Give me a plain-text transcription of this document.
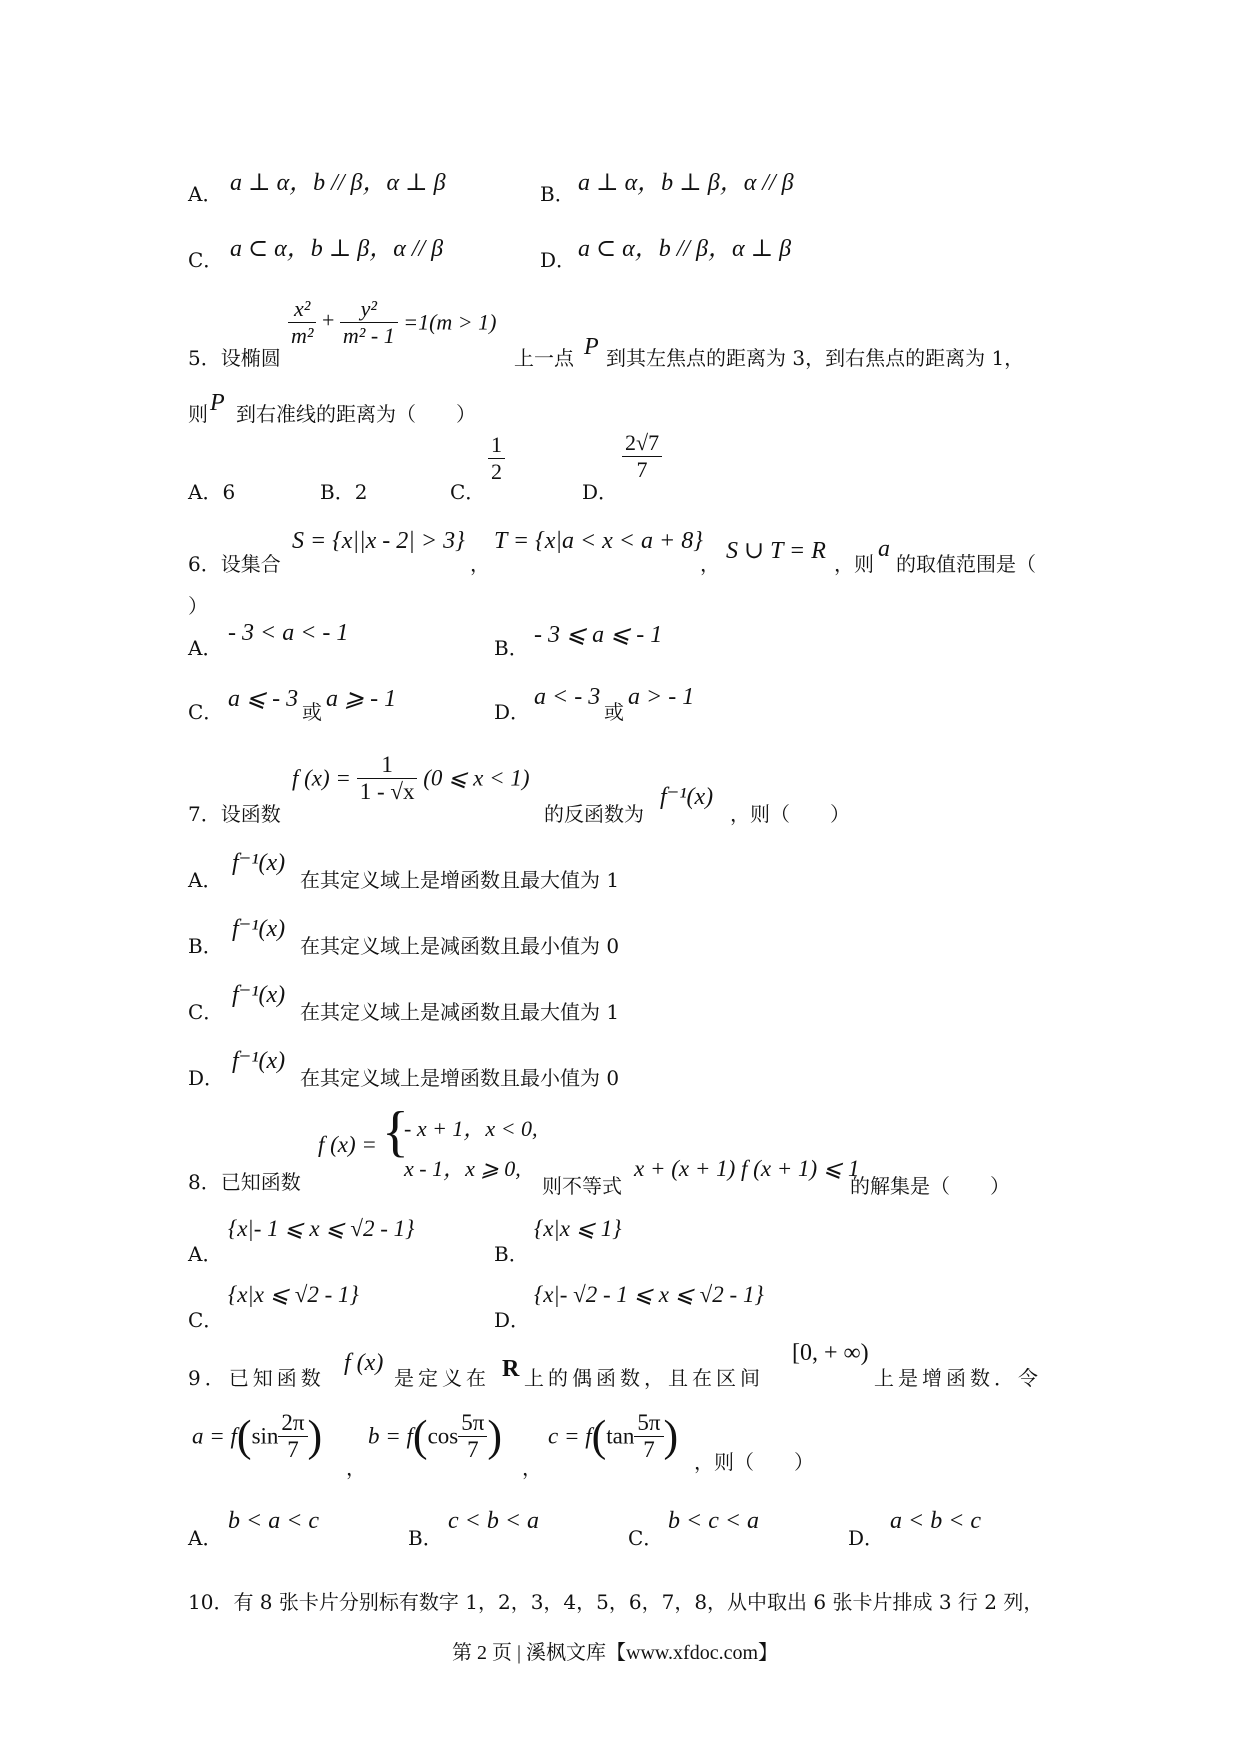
A． a ⊥ α，b // β，α ⊥ β	B． a ⊥ α，b ⊥ β，α // β
C． a ⊂ α，b ⊥ β，α // β	D． a ⊂ α，b // β，α ⊥ β
5．设椭圆
$\frac{\text{x²}}{\text{m²}} + \frac{\text{y²}}{\text{m² - 1}} =1(m > 1)$
上一点 P 到其左焦点的距离为 3，到右焦点的距离为 1，
则 P 到右准线的距离为（　　）
A．6	B．2	C．
$\frac{1}{2}$
D．
$\frac{2√7}{7}$
6．设集合
S = {x||x - 2| > 3}
，
T = {x|a < x < a + 8}
， S ∪ T = R ，则
a
的取值范围是（
）
A．
- 3 < a < - 1
B． - 3 ⩽ a ⩽ - 1
C． a ⩽ - 3 或 a ⩾ - 1	D．
a < - 3
或
a > - 1
7．设函数
f $(x) = \frac{1}{1 - √x} (0$ ⩽ x < 1)
的反函数为
f⁻¹(x)
，则（　　）
A．
f⁻¹(x)
在其定义域上是增函数且最大值为 1
B．
f⁻¹(x)
在其定义域上是减函数且最小值为 0
C．
f⁻¹(x)
在其定义域上是减函数且最大值为 1
D．
f⁻¹(x)
在其定义域上是增函数且最小值为 0
8．已知函数
f (x) = {
- x + 1，x < 0,
x - 1，x ⩾ 0,
则不等式
x + (x + 1) f (x + 1) ⩽ 1
的解集是（　　）
A．
{x|- 1 ⩽ x ⩽ √2 - 1}
B．
{x|x ⩽ 1}
C．
{x|x ⩽ √2 - 1}
D．
{x|- √2 - 1 ⩽ x ⩽ √2 - 1}
9．已知函数
f (x)
是定义在 R 上的偶函数，且在区间
[0, + ∞)
上是增函数．令
$a = f(\sin \frac{2\pi}{7}$ )
，
$b = f(\cos \frac{5\pi}{7}$ )
，
$c = f(\tan \frac{5\pi}{7}$ )
，则（　　）
A．
b < a < c
B．
c < b < a
C．
b < c < a
D．
a < b < c
10．有 8 张卡片分别标有数字 1，2，3，4，5，6，7，8，从中取出 6 张卡片排成 3 行 2 列，
第 2 页 | 溪枫文库【www.xfdoc.com】
